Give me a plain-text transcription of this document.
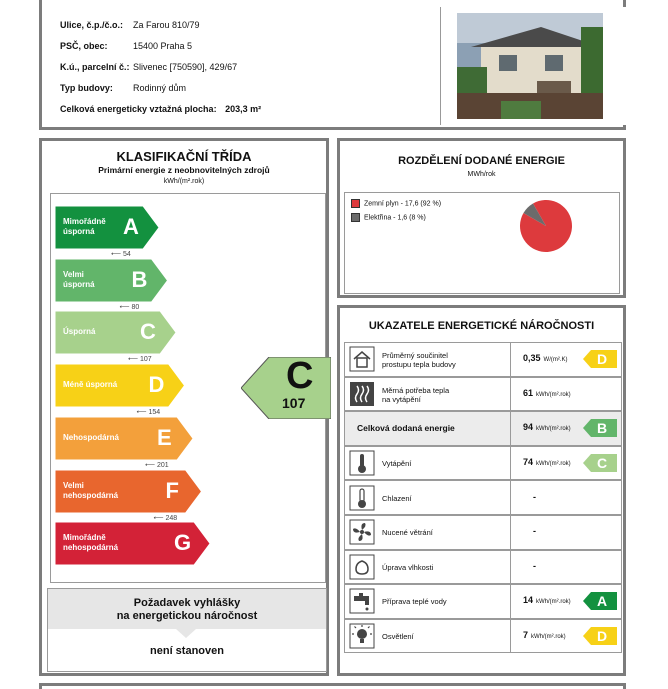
Ulice, č.p./č.o.: Za Farou 810/79
PSČ, obec:	15400 Praha 5
K.ú., parcelní č.: Slivenec [750590], 429/67
Typ budovy: Rodinný dům
Celková energeticky vztažná plocha: 203,3 m²
KLASIFIKAČNÍ TŘÍDA
Primární energie z neobnovitelných zdrojů
kWh/(m².rok)
C
107
Mimořádně
úsporná	A
⟵ 54
Velmi
úsporná B
⟵ 80
Úsporná C
⟵ 107
Méně úsporná D
⟵ 154
Nehospodárná E
⟵ 201
Velmi
nehospodárná F
⟵ 248
Mimořádně
nehospodárná	G
Požadavek vyhlášky
na energetickou náročnost
není stanoven
ROZDĚLENÍ DODANÉ ENERGIE
MWh/rok
Zemní plyn - 17,6 (92 %)
Elektřina - 1,6 (8 %)
UKAZATELE ENERGETICKÉ NÁROČNOSTI
Průměrný součinitel
prostupu tepla budovy
0,35 W/(m².K) D
Měrná potřeba tepla
na vytápění
61 kWh/(m².rok)
Celková dodaná energie	94 kWh/(m².rok) B
Vytápění	74 kWh/(m².rok) C
Chlazení	-
Nucené větrání	-
Úprava vlhkosti	-
Příprava teplé vody	14 kWh/(m².rok) A
Osvětlení	7 kWh/(m².rok) D
